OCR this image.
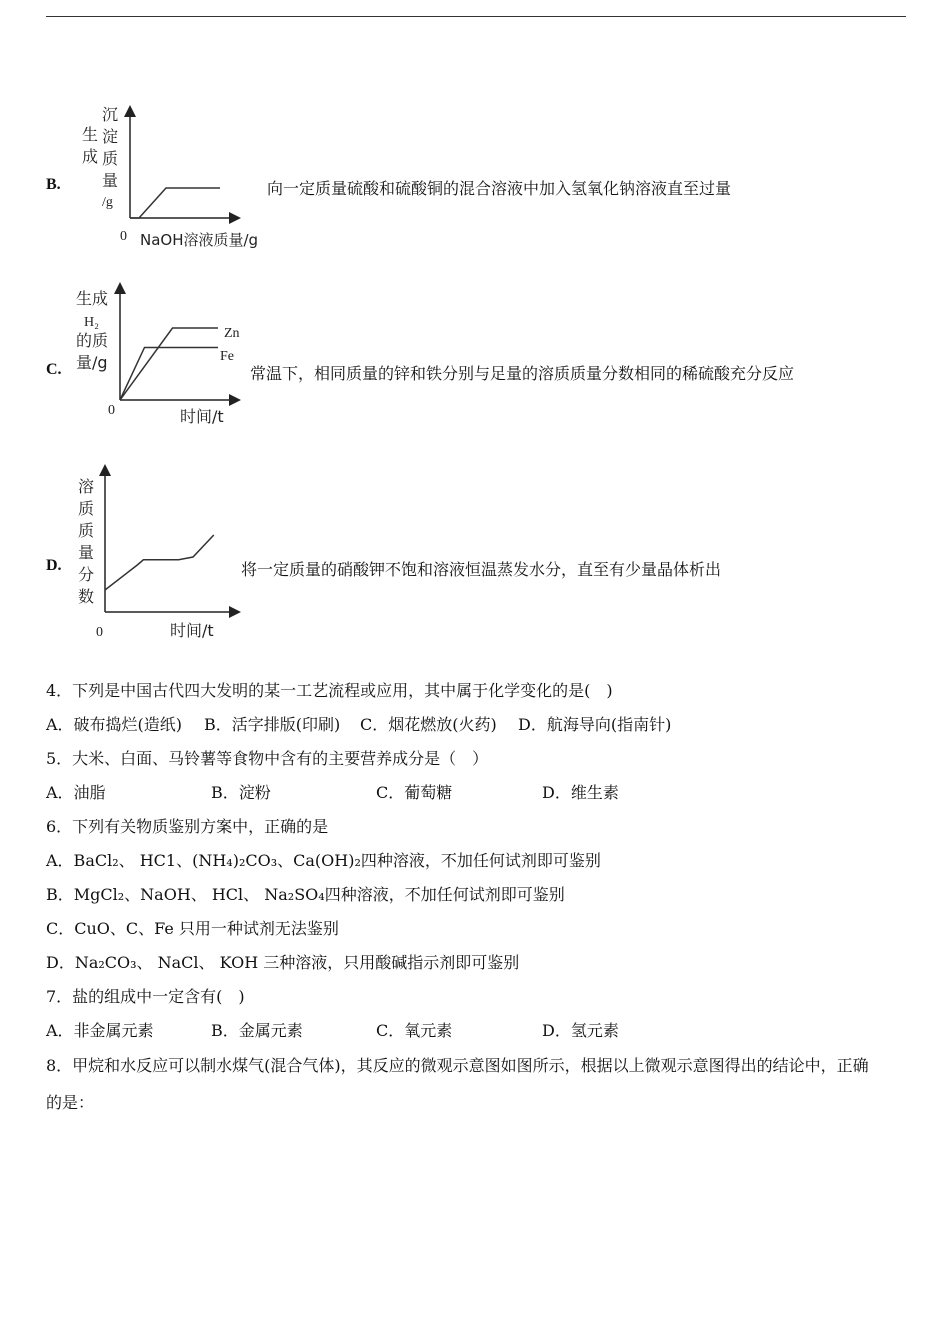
B.
沉
淀
生
质
成
量
/g
0 NaOH溶液质量/g
向一定质量硫酸和硫酸铜的混合溶液中加入氢氧化钠溶液直至过量
C.
生成
H₂
的质
量/g
0	时间/t
Zn
Fe
常温下，相同质量的锌和铁分别与足量的溶质质量分数相同的稀硫酸充分反应
D.
溶
质
质
量
分
数
0	时间/t
将一定质量的硝酸钾不饱和溶液恒温蒸发水分，直至有少量晶体析出
4．下列是中国古代四大发明的某一工艺流程或应用，其中属于化学变化的是(　)
A．破布捣烂(造纸) B．活字排版(印刷) C．烟花燃放(火药) D．航海导向(指南针)
5．大米、白面、马铃薯等食物中含有的主要营养成分是（　）
A．油脂	B．淀粉	C．葡萄糖	D．维生素
6．下列有关物质鉴别方案中，正确的是
A．BaCl₂、 HC1、(NH₄)₂CO₃、Ca(OH)₂四种溶液，不加任何试剂即可鉴别
B．MgCl₂、NaOH、 HCl、 Na₂SO₄四种溶液，不加任何试剂即可鉴别
C．CuO、C、Fe 只用一种试剂无法鉴别
D．Na₂CO₃、 NaCl、 KOH 三种溶液，只用酸碱指示剂即可鉴别
7．盐的组成中一定含有(　)
A．非金属元素	B．金属元素	C．氧元素	D．氢元素
8．甲烷和水反应可以制水煤气(混合气体)，其反应的微观示意图如图所示，根据以上微观示意图得出的结论中，正确
的是：
